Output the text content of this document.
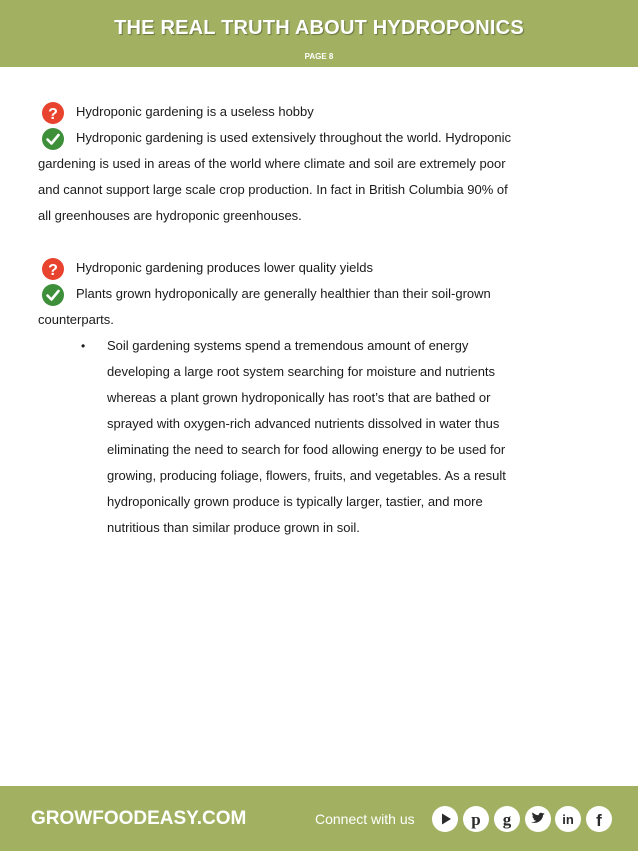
THE REAL TRUTH ABOUT HYDROPONICS
PAGE 8
? Hydroponic gardening is a useless hobby
Hydroponic gardening is used extensively throughout the world. Hydroponic
gardening is used in areas of the world where climate and soil are extremely poor
and cannot support large scale crop production. In fact in British Columbia 90% of
all greenhouses are hydroponic greenhouses.
? Hydroponic gardening produces lower quality yields
Plants grown hydroponically are generally healthier than their soil-grown
counterparts.
• Soil gardening systems spend a tremendous amount of energy
developing a large root system searching for moisture and nutrients
whereas a plant grown hydroponically has root’s that are bathed or
sprayed with oxygen-rich advanced nutrients dissolved in water thus
eliminating the need to search for food allowing energy to be used for
growing, producing foliage, flowers, fruits, and vegetables. As a result
hydroponically grown produce is typically larger, tastier, and more
nutritious than similar produce grown in soil.
GROWFOODEASY.COM	Connect with us	p g	in f
